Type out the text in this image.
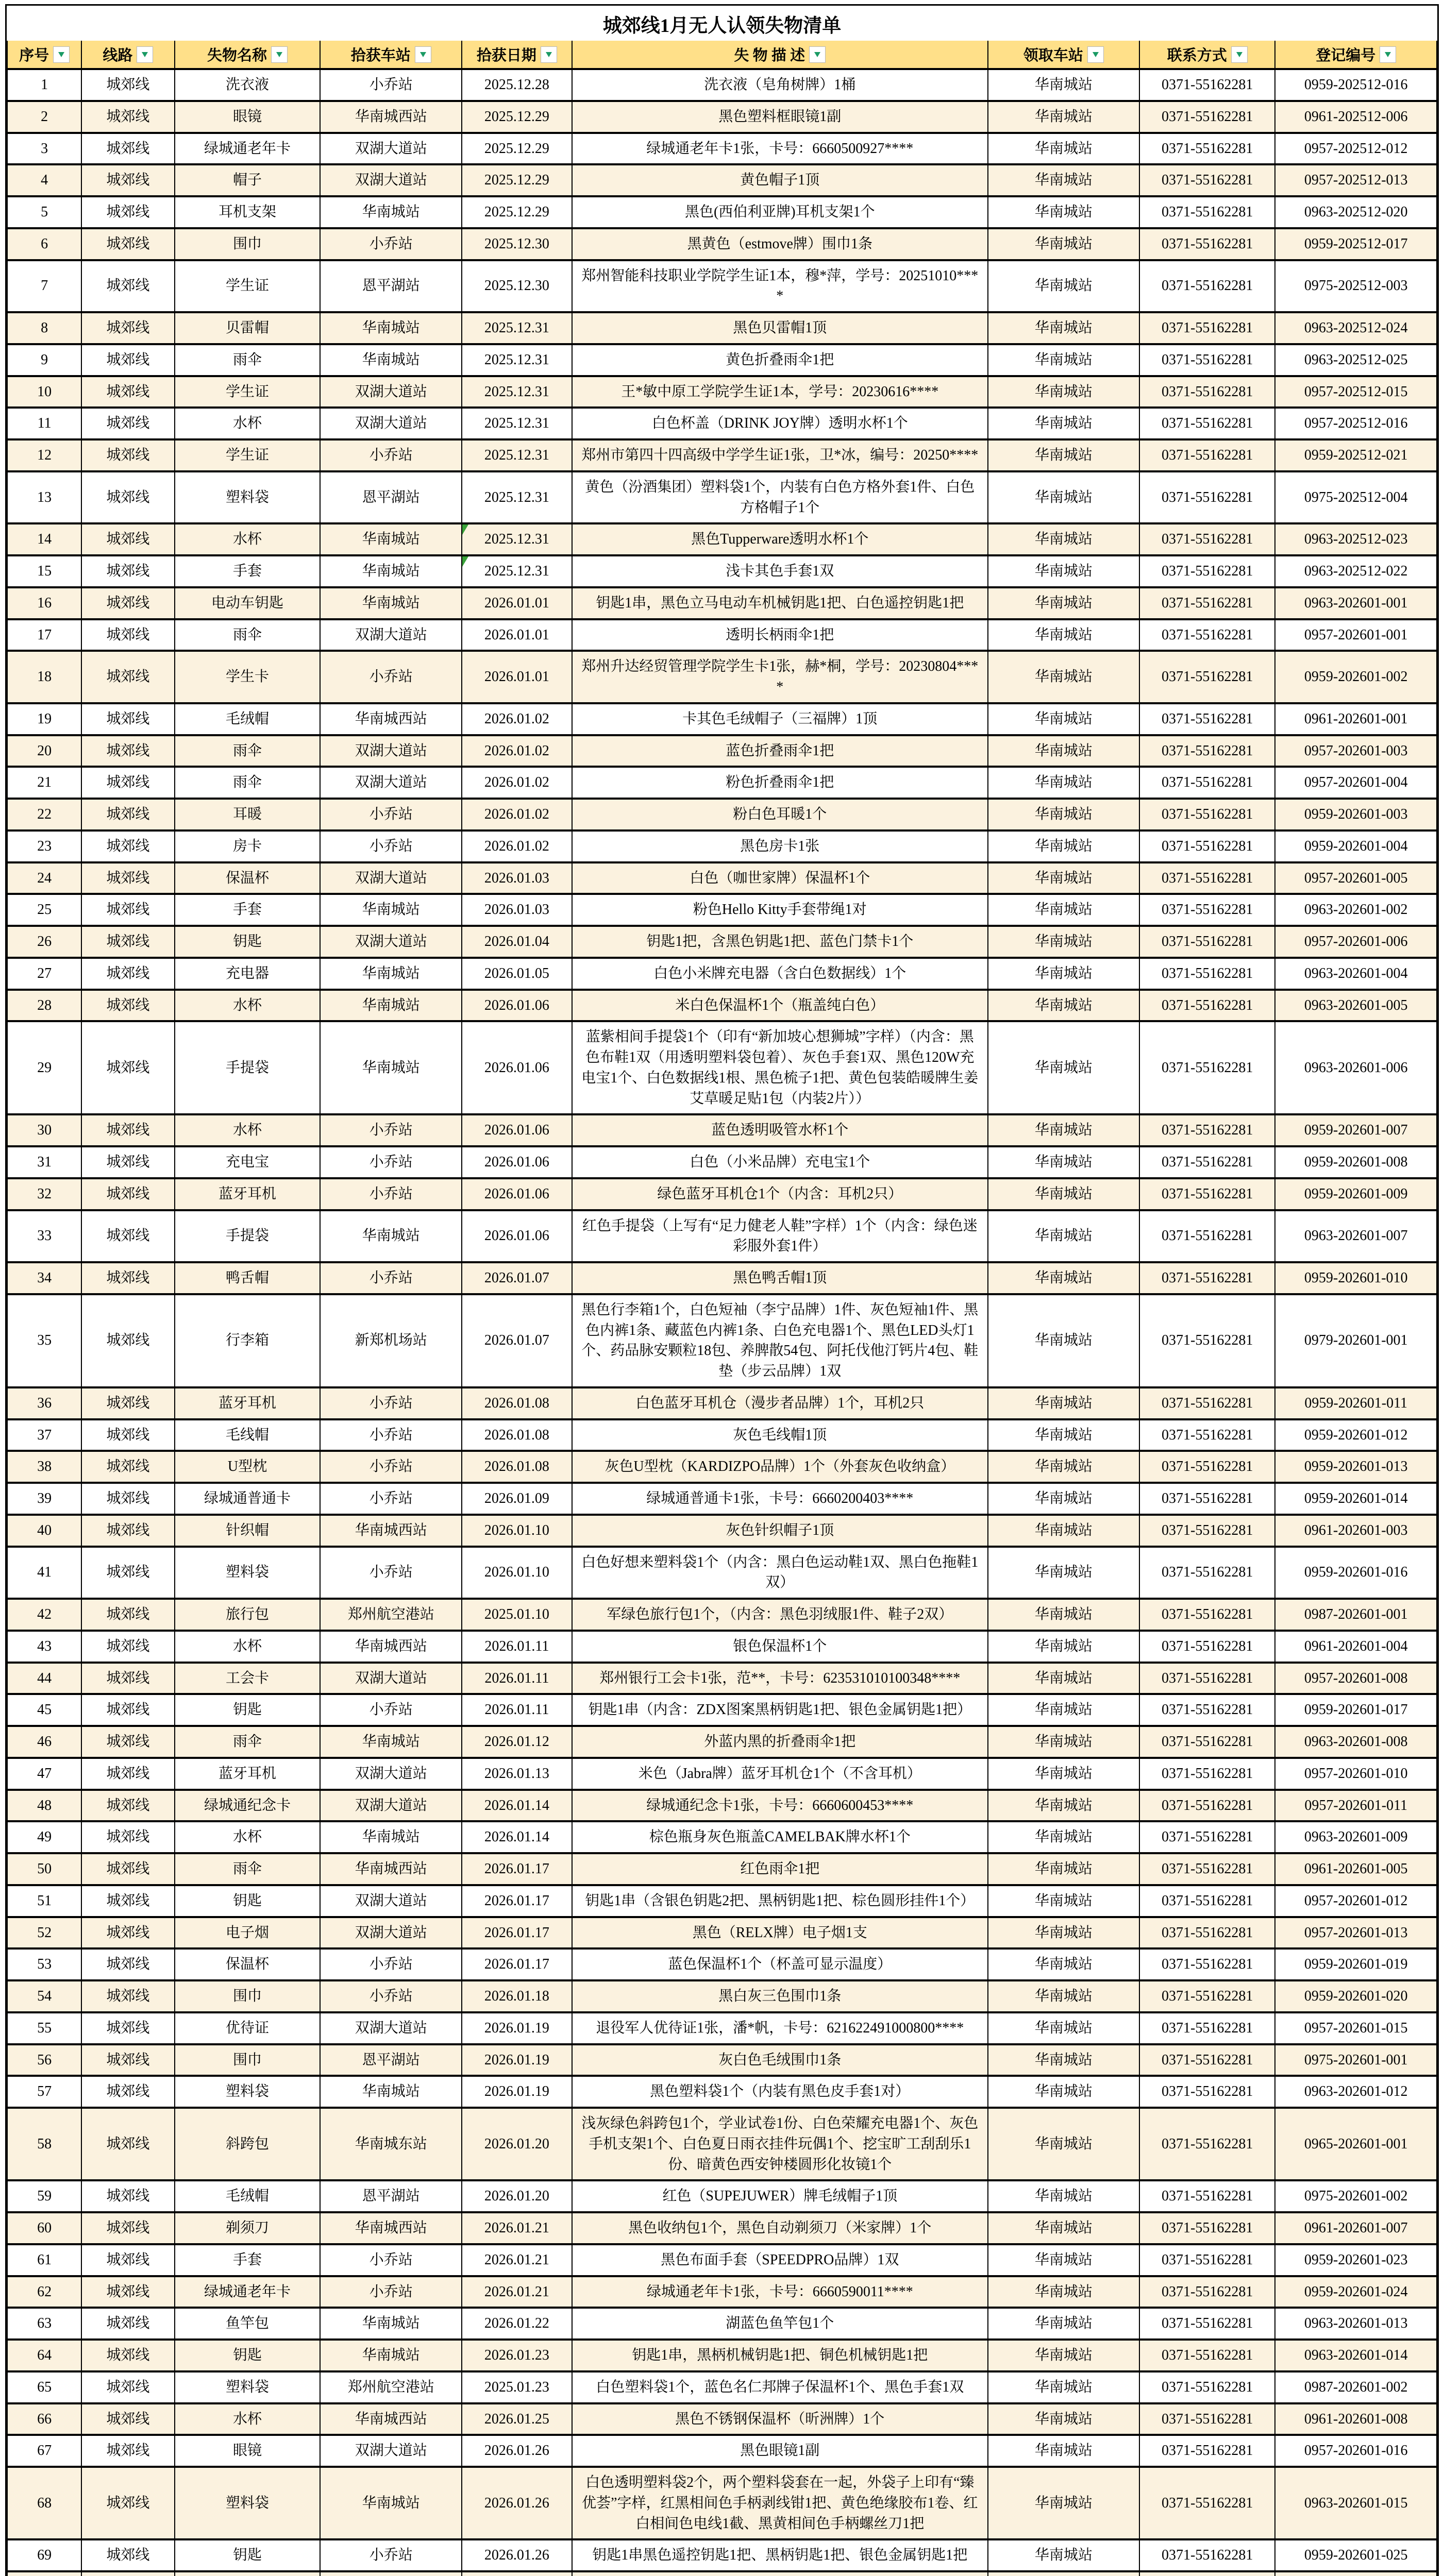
城郊线1月无人认领失物清单								
序号	线路	失物名称	拾获车站	拾获日期	失 物 描 述	领取车站	联系方式	登记编号
1	城郊线	洗衣液	小乔站	2025.12.28	洗衣液（皂角树牌）1桶	华南城站	0371-55162281	0959-202512-016
2	城郊线	眼镜	华南城西站	2025.12.29	黑色塑料框眼镜1副	华南城站	0371-55162281	0961-202512-006
3	城郊线	绿城通老年卡	双湖大道站	2025.12.29	绿城通老年卡1张，卡号：6660500927****	华南城站	0371-55162281	0957-202512-012
4	城郊线	帽子	双湖大道站	2025.12.29	黄色帽子1顶	华南城站	0371-55162281	0957-202512-013
5	城郊线	耳机支架	华南城站	2025.12.29	黑色(西伯利亚牌)耳机支架1个	华南城站	0371-55162281	0963-202512-020
6	城郊线	围巾	小乔站	2025.12.30	黑黄色（estmove牌）围巾1条	华南城站	0371-55162281	0959-202512-017
7	城郊线	学生证	恩平湖站	2025.12.30	郑州智能科技职业学院学生证1本，穆*萍，学号：20251010****	华南城站	0371-55162281	0975-202512-003
8	城郊线	贝雷帽	华南城站	2025.12.31	黑色贝雷帽1顶	华南城站	0371-55162281	0963-202512-024
9	城郊线	雨伞	华南城站	2025.12.31	黄色折叠雨伞1把	华南城站	0371-55162281	0963-202512-025
10	城郊线	学生证	双湖大道站	2025.12.31	王*敏中原工学院学生证1本，学号：20230616****	华南城站	0371-55162281	0957-202512-015
11	城郊线	水杯	双湖大道站	2025.12.31	白色杯盖（DRINK JOY牌）透明水杯1个	华南城站	0371-55162281	0957-202512-016
12	城郊线	学生证	小乔站	2025.12.31	郑州市第四十四高级中学学生证1张，卫*冰，编号：20250****	华南城站	0371-55162281	0959-202512-021
13	城郊线	塑料袋	恩平湖站	2025.12.31	黄色（汾酒集团）塑料袋1个，内装有白色方格外套1件、白色方格帽子1个	华南城站	0371-55162281	0975-202512-004
14	城郊线	水杯	华南城站	2025.12.31	黑色Tupperware透明水杯1个	华南城站	0371-55162281	0963-202512-023
15	城郊线	手套	华南城站	2025.12.31	浅卡其色手套1双	华南城站	0371-55162281	0963-202512-022
16	城郊线	电动车钥匙	华南城站	2026.01.01	钥匙1串，黑色立马电动车机械钥匙1把、白色遥控钥匙1把	华南城站	0371-55162281	0963-202601-001
17	城郊线	雨伞	双湖大道站	2026.01.01	透明长柄雨伞1把	华南城站	0371-55162281	0957-202601-001
18	城郊线	学生卡	小乔站	2026.01.01	郑州升达经贸管理学院学生卡1张，赫*桐，学号：20230804****	华南城站	0371-55162281	0959-202601-002
19	城郊线	毛绒帽	华南城西站	2026.01.02	卡其色毛绒帽子（三福牌）1顶	华南城站	0371-55162281	0961-202601-001
20	城郊线	雨伞	双湖大道站	2026.01.02	蓝色折叠雨伞1把	华南城站	0371-55162281	0957-202601-003
21	城郊线	雨伞	双湖大道站	2026.01.02	粉色折叠雨伞1把	华南城站	0371-55162281	0957-202601-004
22	城郊线	耳暖	小乔站	2026.01.02	粉白色耳暖1个	华南城站	0371-55162281	0959-202601-003
23	城郊线	房卡	小乔站	2026.01.02	黑色房卡1张	华南城站	0371-55162281	0959-202601-004
24	城郊线	保温杯	双湖大道站	2026.01.03	白色（咖世家牌）保温杯1个	华南城站	0371-55162281	0957-202601-005
25	城郊线	手套	华南城站	2026.01.03	粉色Hello Kitty手套带绳1对	华南城站	0371-55162281	0963-202601-002
26	城郊线	钥匙	双湖大道站	2026.01.04	钥匙1把，含黑色钥匙1把、蓝色门禁卡1个	华南城站	0371-55162281	0957-202601-006
27	城郊线	充电器	华南城站	2026.01.05	白色小米牌充电器（含白色数据线）1个	华南城站	0371-55162281	0963-202601-004
28	城郊线	水杯	华南城站	2026.01.06	米白色保温杯1个（瓶盖纯白色）	华南城站	0371-55162281	0963-202601-005
29	城郊线	手提袋	华南城站	2026.01.06	蓝紫相间手提袋1个（印有“新加坡心想狮城”字样）（内含：黑色布鞋1双（用透明塑料袋包着）、灰色手套1双、黑色120W充电宝1个、白色数据线1根、黑色梳子1把、黄色包装皓暖牌生姜艾草暖足贴1包（内装2片））	华南城站	0371-55162281	0963-202601-006
30	城郊线	水杯	小乔站	2026.01.06	蓝色透明吸管水杯1个	华南城站	0371-55162281	0959-202601-007
31	城郊线	充电宝	小乔站	2026.01.06	白色（小米品牌）充电宝1个	华南城站	0371-55162281	0959-202601-008
32	城郊线	蓝牙耳机	小乔站	2026.01.06	绿色蓝牙耳机仓1个（内含：耳机2只）	华南城站	0371-55162281	0959-202601-009
33	城郊线	手提袋	华南城站	2026.01.06	红色手提袋（上写有“足力健老人鞋”字样）1个（内含：绿色迷彩服外套1件）	华南城站	0371-55162281	0963-202601-007
34	城郊线	鸭舌帽	小乔站	2026.01.07	黑色鸭舌帽1顶	华南城站	0371-55162281	0959-202601-010
35	城郊线	行李箱	新郑机场站	2026.01.07	黑色行李箱1个，白色短袖（李宁品牌）1件、灰色短袖1件、黑色内裤1条、藏蓝色内裤1条、白色充电器1个、黑色LED头灯1个、药品脉安颗粒18包、养脾散54包、阿托伐他汀钙片4包、鞋垫（步云品牌）1双	华南城站	0371-55162281	0979-202601-001
36	城郊线	蓝牙耳机	小乔站	2026.01.08	白色蓝牙耳机仓（漫步者品牌）1个，耳机2只	华南城站	0371-55162281	0959-202601-011
37	城郊线	毛线帽	小乔站	2026.01.08	灰色毛线帽1顶	华南城站	0371-55162281	0959-202601-012
38	城郊线	U型枕	小乔站	2026.01.08	灰色U型枕（KARDIZPO品牌）1个（外套灰色收纳盒）	华南城站	0371-55162281	0959-202601-013
39	城郊线	绿城通普通卡	小乔站	2026.01.09	绿城通普通卡1张，卡号：6660200403****	华南城站	0371-55162281	0959-202601-014
40	城郊线	针织帽	华南城西站	2026.01.10	灰色针织帽子1顶	华南城站	0371-55162281	0961-202601-003
41	城郊线	塑料袋	小乔站	2026.01.10	白色好想来塑料袋1个（内含：黑白色运动鞋1双、黑白色拖鞋1双）	华南城站	0371-55162281	0959-202601-016
42	城郊线	旅行包	郑州航空港站	2025.01.10	军绿色旅行包1个，（内含：黑色羽绒服1件、鞋子2双）	华南城站	0371-55162281	0987-202601-001
43	城郊线	水杯	华南城西站	2026.01.11	银色保温杯1个	华南城站	0371-55162281	0961-202601-004
44	城郊线	工会卡	双湖大道站	2026.01.11	郑州银行工会卡1张，范**，卡号：623531010100348****	华南城站	0371-55162281	0957-202601-008
45	城郊线	钥匙	小乔站	2026.01.11	钥匙1串（内含：ZDX图案黑柄钥匙1把、银色金属钥匙1把）	华南城站	0371-55162281	0959-202601-017
46	城郊线	雨伞	华南城站	2026.01.12	外蓝内黑的折叠雨伞1把	华南城站	0371-55162281	0963-202601-008
47	城郊线	蓝牙耳机	双湖大道站	2026.01.13	米色（Jabra牌）蓝牙耳机仓1个（不含耳机）	华南城站	0371-55162281	0957-202601-010
48	城郊线	绿城通纪念卡	双湖大道站	2026.01.14	绿城通纪念卡1张，卡号：6660600453****	华南城站	0371-55162281	0957-202601-011
49	城郊线	水杯	华南城站	2026.01.14	棕色瓶身灰色瓶盖CAMELBAK牌水杯1个	华南城站	0371-55162281	0963-202601-009
50	城郊线	雨伞	华南城西站	2026.01.17	红色雨伞1把	华南城站	0371-55162281	0961-202601-005
51	城郊线	钥匙	双湖大道站	2026.01.17	钥匙1串（含银色钥匙2把、黑柄钥匙1把、棕色圆形挂件1个）	华南城站	0371-55162281	0957-202601-012
52	城郊线	电子烟	双湖大道站	2026.01.17	黑色（RELX牌）电子烟1支	华南城站	0371-55162281	0957-202601-013
53	城郊线	保温杯	小乔站	2026.01.17	蓝色保温杯1个（杯盖可显示温度）	华南城站	0371-55162281	0959-202601-019
54	城郊线	围巾	小乔站	2026.01.18	黑白灰三色围巾1条	华南城站	0371-55162281	0959-202601-020
55	城郊线	优待证	双湖大道站	2026.01.19	退役军人优待证1张，潘*帆，卡号：621622491000800****	华南城站	0371-55162281	0957-202601-015
56	城郊线	围巾	恩平湖站	2026.01.19	灰白色毛绒围巾1条	华南城站	0371-55162281	0975-202601-001
57	城郊线	塑料袋	华南城站	2026.01.19	黑色塑料袋1个（内装有黑色皮手套1对）	华南城站	0371-55162281	0963-202601-012
58	城郊线	斜跨包	华南城东站	2026.01.20	浅灰绿色斜跨包1个，学业试卷1份、白色荣耀充电器1个、灰色手机支架1个、白色夏日雨衣挂件玩偶1个、挖宝旷工刮刮乐1份、暗黄色西安钟楼圆形化妆镜1个	华南城站	0371-55162281	0965-202601-001
59	城郊线	毛绒帽	恩平湖站	2026.01.20	红色（SUPEJUWER）牌毛绒帽子1顶	华南城站	0371-55162281	0975-202601-002
60	城郊线	剃须刀	华南城西站	2026.01.21	黑色收纳包1个，黑色自动剃须刀（米家牌）1个	华南城站	0371-55162281	0961-202601-007
61	城郊线	手套	小乔站	2026.01.21	黑色布面手套（SPEEDPRO品牌）1双	华南城站	0371-55162281	0959-202601-023
62	城郊线	绿城通老年卡	小乔站	2026.01.21	绿城通老年卡1张，卡号：6660590011****	华南城站	0371-55162281	0959-202601-024
63	城郊线	鱼竿包	华南城站	2026.01.22	湖蓝色鱼竿包1个	华南城站	0371-55162281	0963-202601-013
64	城郊线	钥匙	华南城站	2026.01.23	钥匙1串，黑柄机械钥匙1把、铜色机械钥匙1把	华南城站	0371-55162281	0963-202601-014
65	城郊线	塑料袋	郑州航空港站	2025.01.23	白色塑料袋1个，蓝色名仁邦牌子保温杯1个、黑色手套1双	华南城站	0371-55162281	0987-202601-002
66	城郊线	水杯	华南城西站	2026.01.25	黑色不锈钢保温杯（昕洲牌）1个	华南城站	0371-55162281	0961-202601-008
67	城郊线	眼镜	双湖大道站	2026.01.26	黑色眼镜1副	华南城站	0371-55162281	0957-202601-016
68	城郊线	塑料袋	华南城站	2026.01.26	白色透明塑料袋2个，两个塑料袋套在一起，外袋子上印有“臻优荟”字样，红黑相间色手柄剥线钳1把、黄色绝缘胶布1卷、红白相间色电线1截、黑黄相间色手柄螺丝刀1把	华南城站	0371-55162281	0963-202601-015
69	城郊线	钥匙	小乔站	2026.01.26	钥匙1串黑色遥控钥匙1把、黑柄钥匙1把、银色金属钥匙1把	华南城站	0371-55162281	0959-202601-025
